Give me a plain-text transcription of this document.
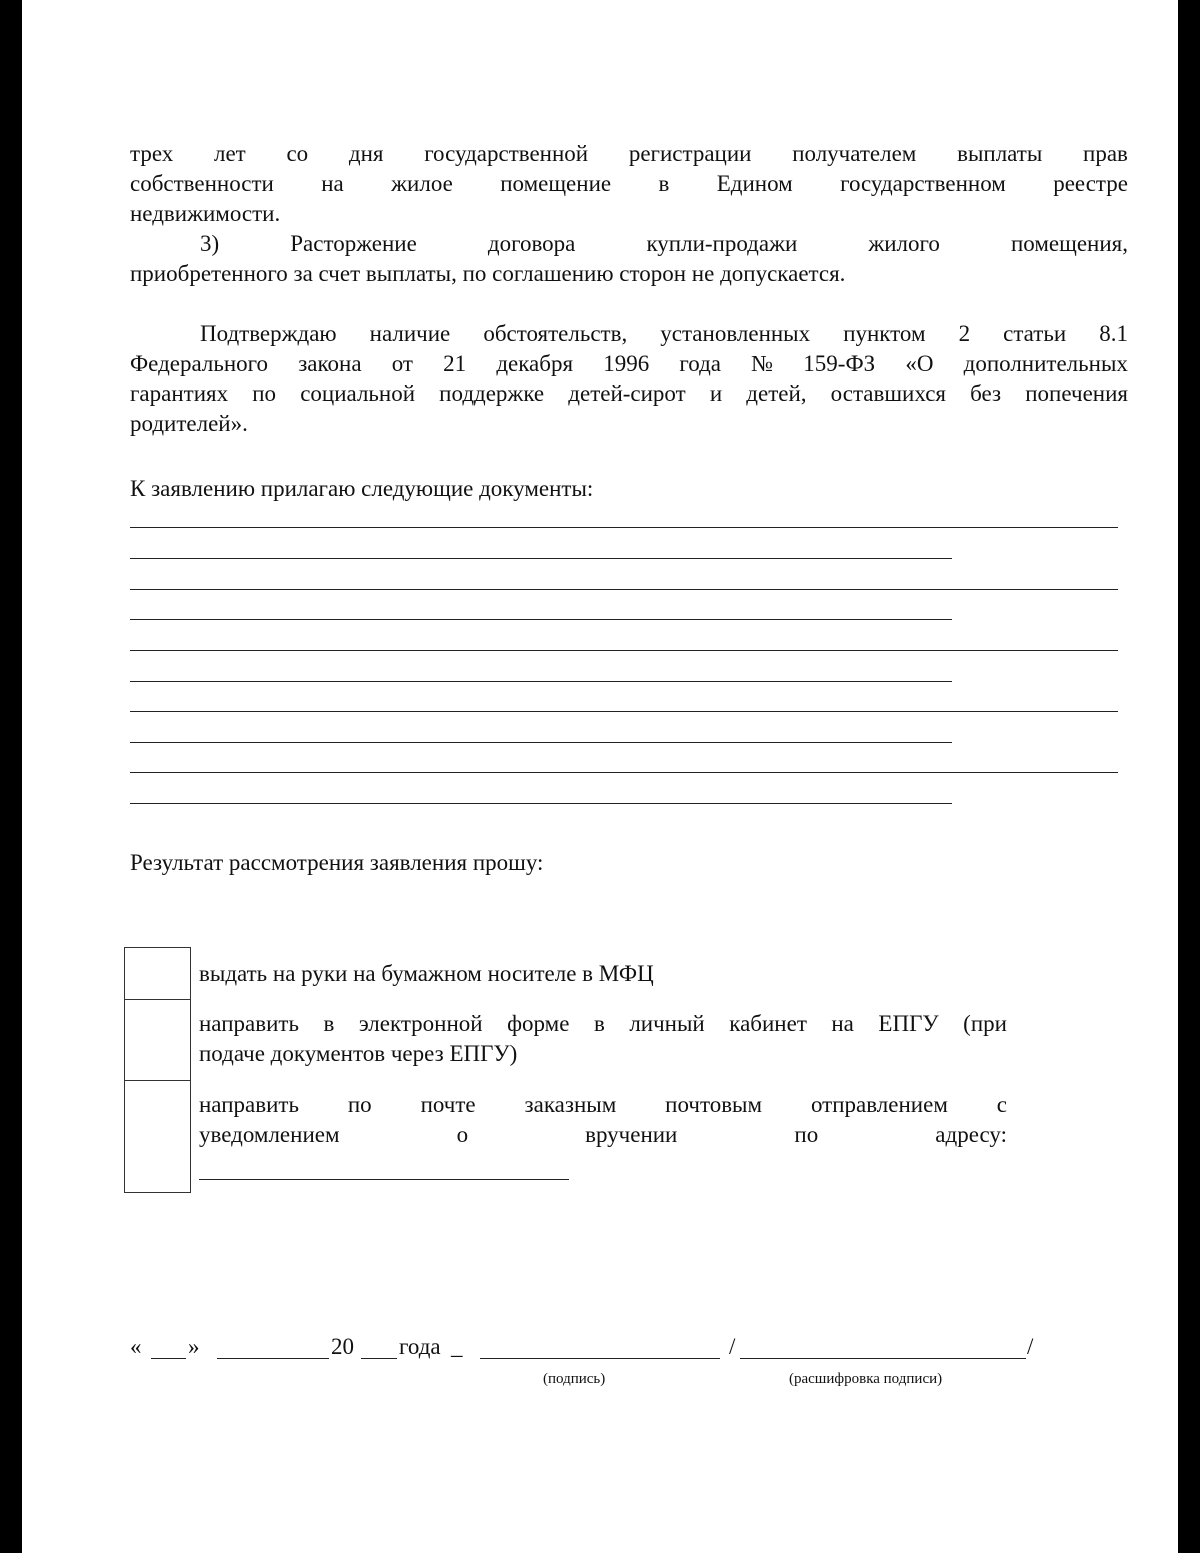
трех лет со дня государственной регистрации получателем выплаты прав
собственности на жилое помещение в Едином государственном реестре
недвижимости.
3)	Расторжение	договора	купли-продажи	жилого	помещения,
приобретенного за счет выплаты, по соглашению сторон не допускается.
Подтверждаю наличие обстоятельств, установленных пунктом 2 статьи 8.1
Федерального закона от 21 декабря 1996 года № 159-ФЗ «О дополнительных
гарантиях по социальной поддержке детей-сирот и детей, оставшихся без попечения
родителей».
К заявлению прилагаю следующие документы:
Результат рассмотрения заявления прошу:
выдать на руки на бумажном носителе в МФЦ
направить в электронной форме в личный кабинет на ЕПГУ (при
подаче документов через ЕПГУ)
направить по почте заказным почтовым отправлением с
уведомлением	о	вручении	по	адресу:
« »	20 года _	/	/
(подпись)	(расшифровка подписи)
